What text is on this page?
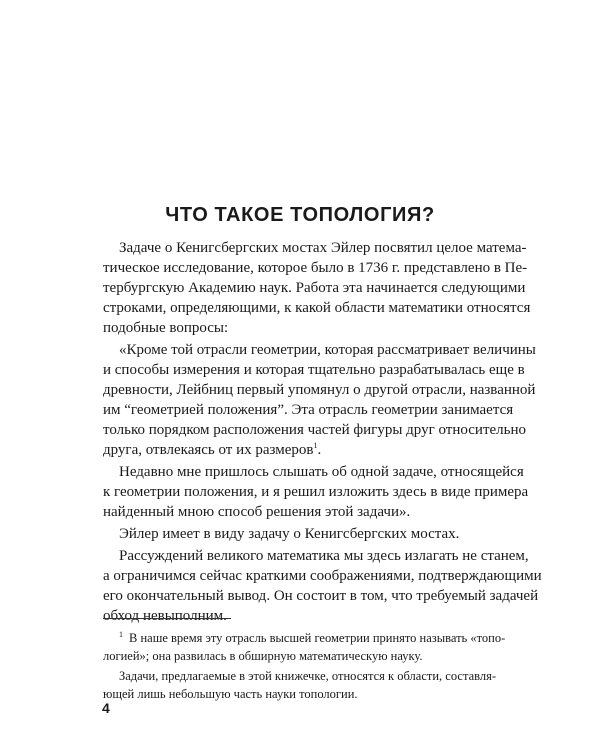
ЧТО ТАКОЕ ТОПОЛОГИЯ?
Задаче о Кенигсбергских мостах Эйлер посвятил целое матема-
тическое исследование, которое было в 1736 г. представлено в Пе-
тербургскую Академию наук. Работа эта начинается следующими
строками, определяющими, к какой области математики относятся
подобные вопросы:
«Кроме той отрасли геометрии, которая рассматривает величины
и способы измерения и которая тщательно разрабатывалась еще в
древности, Лейбниц первый упомянул о другой отрасли, названной
им “геометрией положения”. Эта отрасль геометрии занимается
только порядком расположения частей фигуры друг относительно
друга, отвлекаясь от их размеров$^1$.
Недавно мне пришлось слышать об одной задаче, относящейся
к геометрии положения, и я решил изложить здесь в виде примера
найденный мною способ решения этой задачи».
Эйлер имеет в виду задачу о Кенигсбергских мостах.
Рассуждений великого математика мы здесь излагать не станем,
а ограничимся сейчас краткими соображениями, подтверждающими
его окончательный вывод. Он состоит в том, что требуемый задачей
обход невыполним.
$^1$ В наше время эту отрасль высшей геометрии принято называть «топо-
логией»; она развилась в обширную математическую науку.
Задачи, предлагаемые в этой книжечке, относятся к области, составля-
ющей лишь небольшую часть науки топологии.
4
